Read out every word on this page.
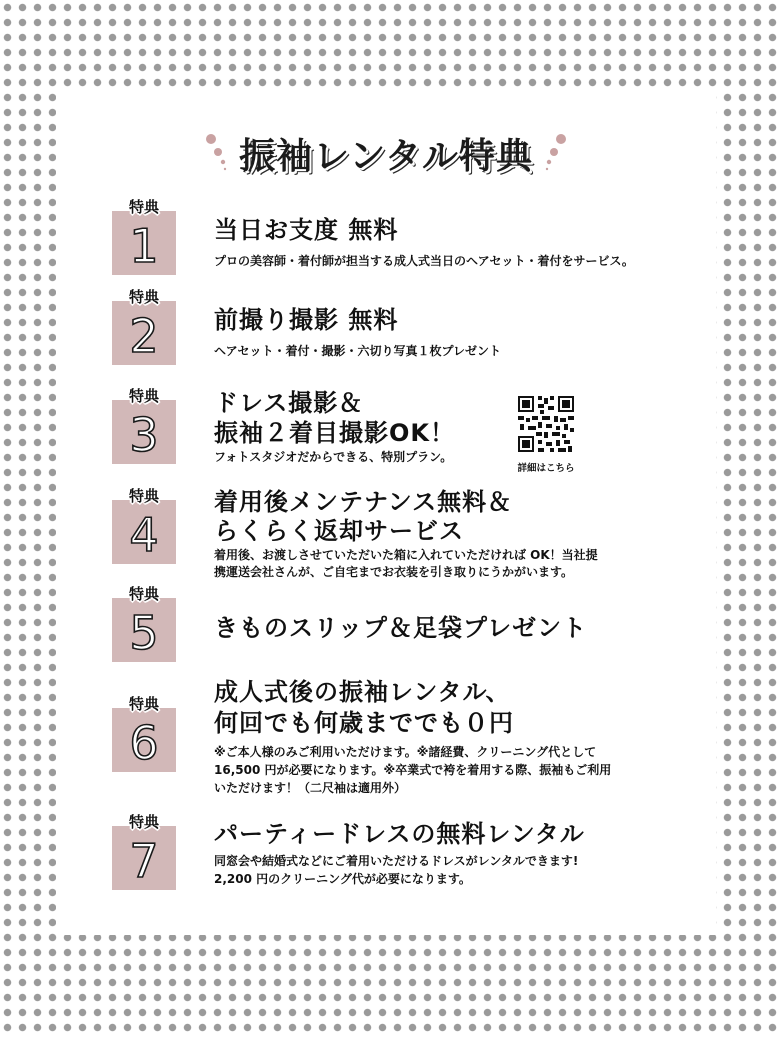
振袖レンタル特典
特典
1	当日お支度 無料
プロの美容師・着付師が担当する成人式当日のヘアセット・着付をサービス。
特典
2	前撮り撮影 無料
ヘアセット・着付・撮影・六切り写真１枚プレゼント
特典
3
ドレス撮影＆
振袖２着目撮影OK！
フォトスタジオだからできる、特別プラン。
詳細はこちら
特典
4
着用後メンテナンス無料＆
らくらく返却サービス
着用後、お渡しさせていただいた箱に入れていただければ OK！当社提
携運送会社さんが、ご自宅までお衣装を引き取りにうかがいます。
特典
5	きものスリップ＆足袋プレゼント
特典
6
成人式後の振袖レンタル、
何回でも何歳まででも０円
※ご本人様のみご利用いただけます。※諸経費、クリーニング代として
16,500 円が必要になります。※卒業式で袴を着用する際、振袖もご利用
いただけます！（二尺袖は適用外）
特典
7	パーティードレスの無料レンタル
同窓会や結婚式などにご着用いただけるドレスがレンタルできます!
2,200 円のクリーニング代が必要になります。
